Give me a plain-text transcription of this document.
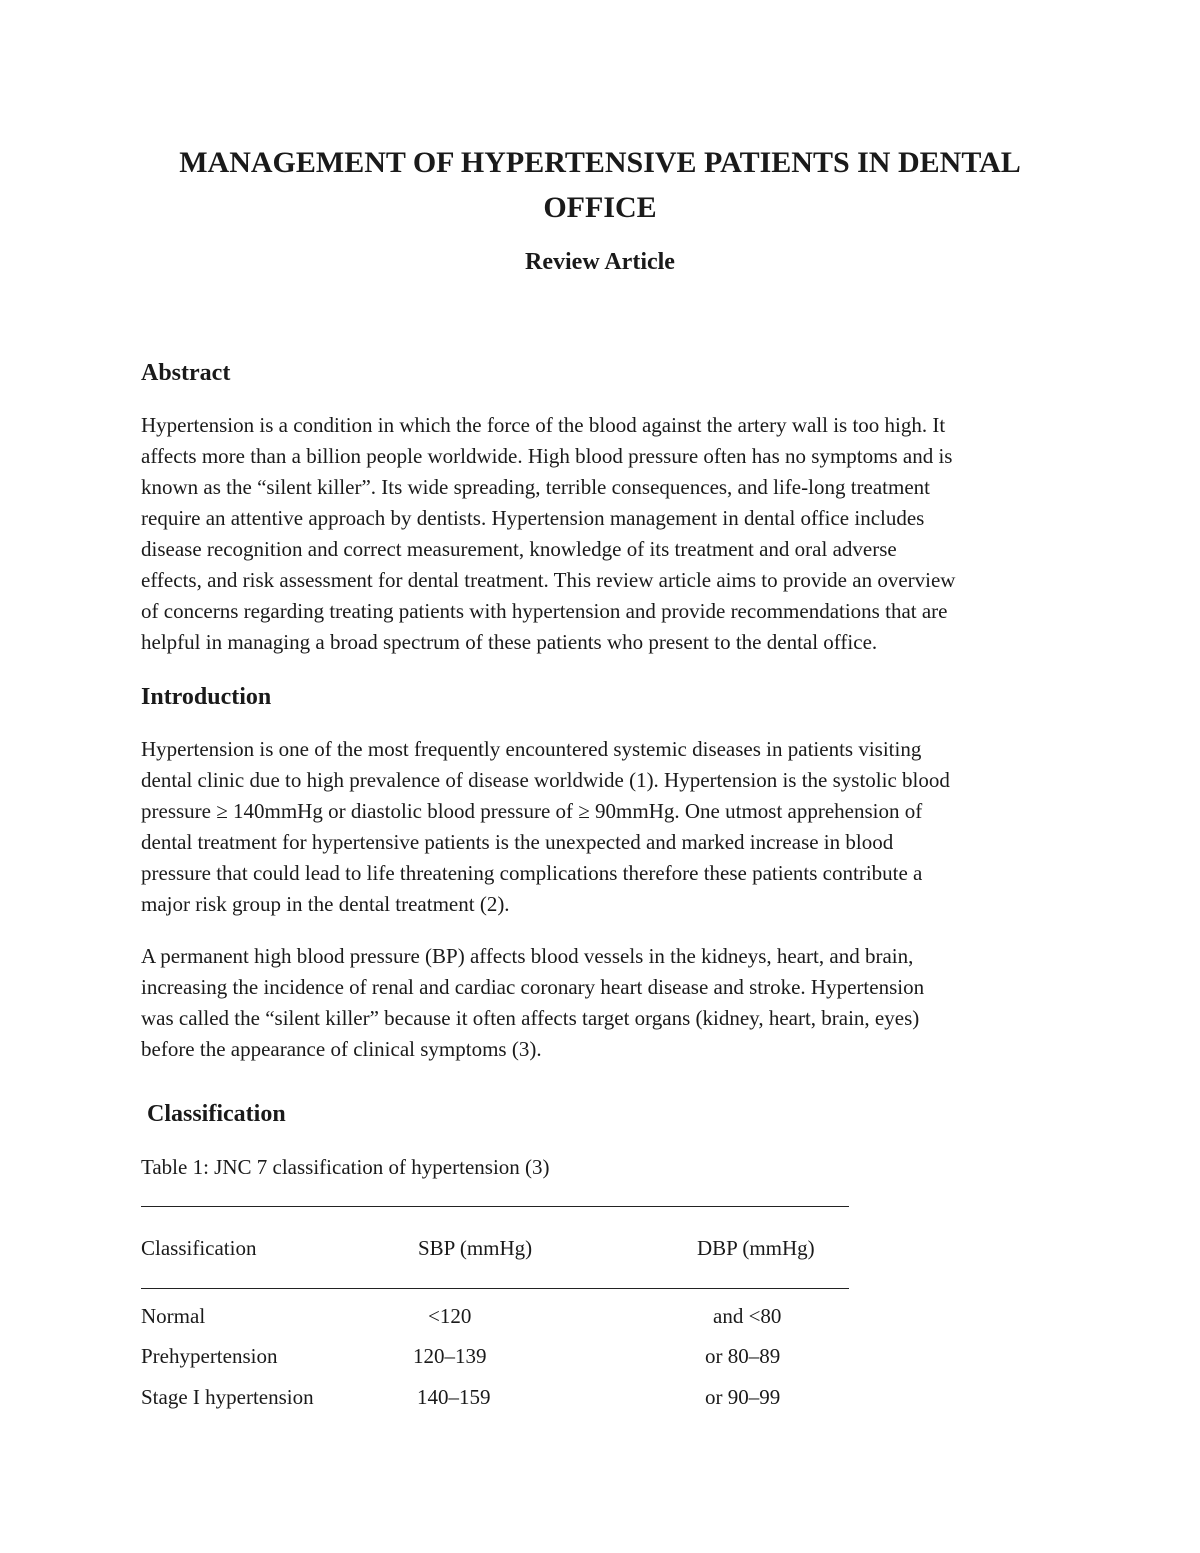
MANAGEMENT OF HYPERTENSIVE PATIENTS IN DENTAL
OFFICE
Review Article
Abstract
Hypertension is a condition in which the force of the blood against the artery wall is too high. It
affects more than a billion people worldwide. High blood pressure often has no symptoms and is
known as the “silent killer”. Its wide spreading, terrible consequences, and life-long treatment
require an attentive approach by dentists. Hypertension management in dental office includes
disease recognition and correct measurement, knowledge of its treatment and oral adverse
effects, and risk assessment for dental treatment. This review article aims to provide an overview
of concerns regarding treating patients with hypertension and provide recommendations that are
helpful in managing a broad spectrum of these patients who present to the dental office.
Introduction
Hypertension is one of the most frequently encountered systemic diseases in patients visiting
dental clinic due to high prevalence of disease worldwide (1). Hypertension is the systolic blood
pressure ≥ 140mmHg or diastolic blood pressure of ≥ 90mmHg. One utmost apprehension of
dental treatment for hypertensive patients is the unexpected and marked increase in blood
pressure that could lead to life threatening complications therefore these patients contribute a
major risk group in the dental treatment (2).
A permanent high blood pressure (BP) affects blood vessels in the kidneys, heart, and brain,
increasing the incidence of renal and cardiac coronary heart disease and stroke. Hypertension
was called the “silent killer” because it often affects target organs (kidney, heart, brain, eyes)
before the appearance of clinical symptoms (3).
Classification
Table 1: JNC 7 classification of hypertension (3)
Classification	SBP (mmHg)	DBP (mmHg)
Normal	<120	and <80
Prehypertension	120–139	or 80–89
Stage I hypertension	140–159	or 90–99
